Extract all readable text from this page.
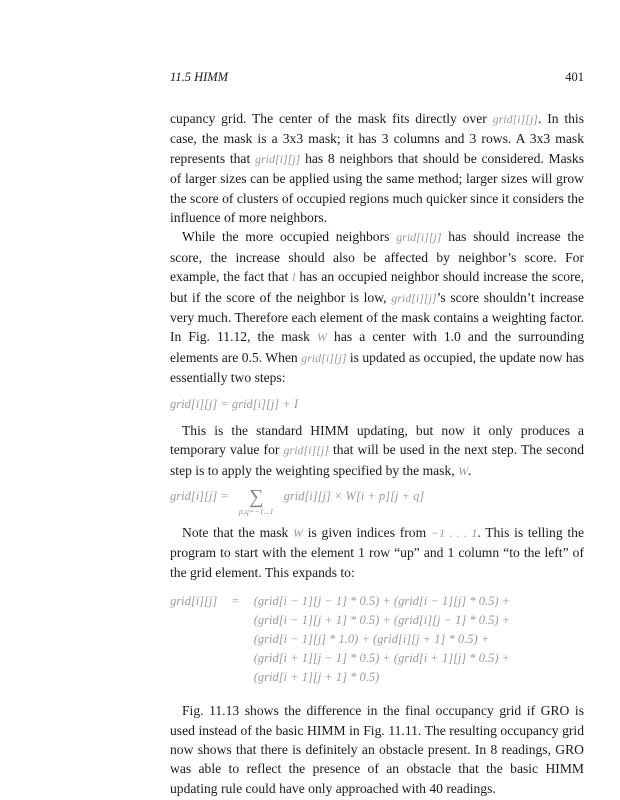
11.5 HIMM	401

cupancy grid. The center of the mask fits directly over grid[i][j]. In this case, the mask is a 3x3 mask; it has 3 columns and 3 rows. A 3x3 mask represents that grid[i][j] has 8 neighbors that should be considered. Masks of larger sizes can be applied using the same method; larger sizes will grow the score of clusters of occupied regions much quicker since it considers the influence of more neighbors.

While the more occupied neighbors grid[i][j] has should increase the score, the increase should also be affected by neighbor’s score. For example, the fact that l has an occupied neighbor should increase the score, but if the score of the neighbor is low, grid[i][j]’s score shouldn’t increase very much. Therefore each element of the mask contains a weighting factor. In Fig. 11.12, the mask W has a center with 1.0 and the surrounding elements are 0.5. When grid[i][j] is updated as occupied, the update now has essentially two steps:

grid[i][j] = grid[i][j] + I

This is the standard HIMM updating, but now it only produces a temporary value for grid[i][j] that will be used in the next step. The second step is to apply the weighting specified by the mask, W.

grid[i][j] = ∑
p,q=−1...1
grid[i][j] × W[i + p][j + q]

Note that the mask W is given indices from −1 . . . 1. This is telling the program to start with the element 1 row “up” and 1 column “to the left” of the grid element. This expands to:

grid[i][j] = (grid[i − 1][j − 1] * 0.5) + (grid[i − 1][j] * 0.5) +
(grid[i − 1][j + 1] * 0.5) + (grid[i][j − 1] * 0.5) +
(grid[i − 1][j] * 1.0) + (grid[i][j + 1] * 0.5) +
(grid[i + 1][j − 1] * 0.5) + (grid[i + 1][j] * 0.5) +
(grid[i + 1][j + 1] * 0.5)

Fig. 11.13 shows the difference in the final occupancy grid if GRO is used instead of the basic HIMM in Fig. 11.11. The resulting occupancy grid now shows that there is definitely an obstacle present. In 8 readings, GRO was able to reflect the presence of an obstacle that the basic HIMM updating rule could have only approached with 40 readings.
